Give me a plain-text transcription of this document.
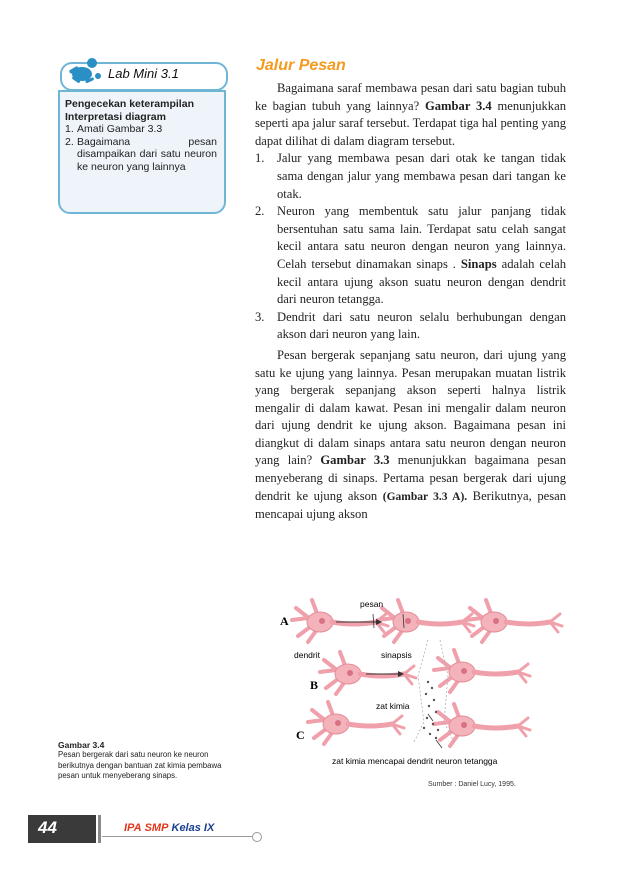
Lab Mini 3.1
Pengecekan keterampilan
Interpretasi diagram
1. Amati Gambar 3.3
2. Bagaimana pesan disampaikan dari satu neuron ke neuron yang lainnya
Jalur Pesan

Bagaimana saraf membawa pesan dari satu bagian tubuh ke bagian tubuh yang lainnya? Gambar 3.4 menunjukkan seperti apa jalur saraf tersebut. Terdapat tiga hal penting yang dapat dilihat di dalam diagram tersebut.

1. Jalur yang membawa pesan dari otak ke tangan tidak sama dengan jalur yang membawa pesan dari tangan ke otak.
2. Neuron yang membentuk satu jalur panjang tidak bersentuhan satu sama lain. Terdapat satu celah sangat kecil antara satu neuron dengan neuron yang lainnya. Celah tersebut dinamakan sinaps . Sinaps adalah celah kecil antara ujung akson suatu neuron dengan dendrit dari neuron tetangga.
3. Dendrit dari satu neuron selalu berhubungan dengan akson dari neuron yang lain.

Pesan bergerak sepanjang satu neuron, dari ujung yang satu ke ujung yang lainnya. Pesan merupakan muatan listrik yang bergerak sepanjang akson seperti halnya listrik mengalir di dalam kawat. Pesan ini mengalir dalam neuron dari ujung dendrit ke ujung akson. Bagaimana pesan ini diangkut di dalam sinaps antara satu neuron dengan neuron yang lain? Gambar 3.3 menunjukkan bagaimana pesan menyeberang di sinaps. Pertama pesan bergerak dari ujung dendrit ke ujung akson (Gambar 3.3 A). Berikutnya, pesan mencapai ujung akson

A
B
C
pesan
dendrit	sinapsis
zat kimia
zat kimia mencapai dendrit neuron tetangga
Sumber : Daniel Lucy, 1995.
Gambar 3.4
Pesan bergerak dari satu neuron ke neuron berikutnya dengan bantuan zat kimia pembawa pesan untuk menyeberang sinaps.
44	IPA SMP Kelas IX
